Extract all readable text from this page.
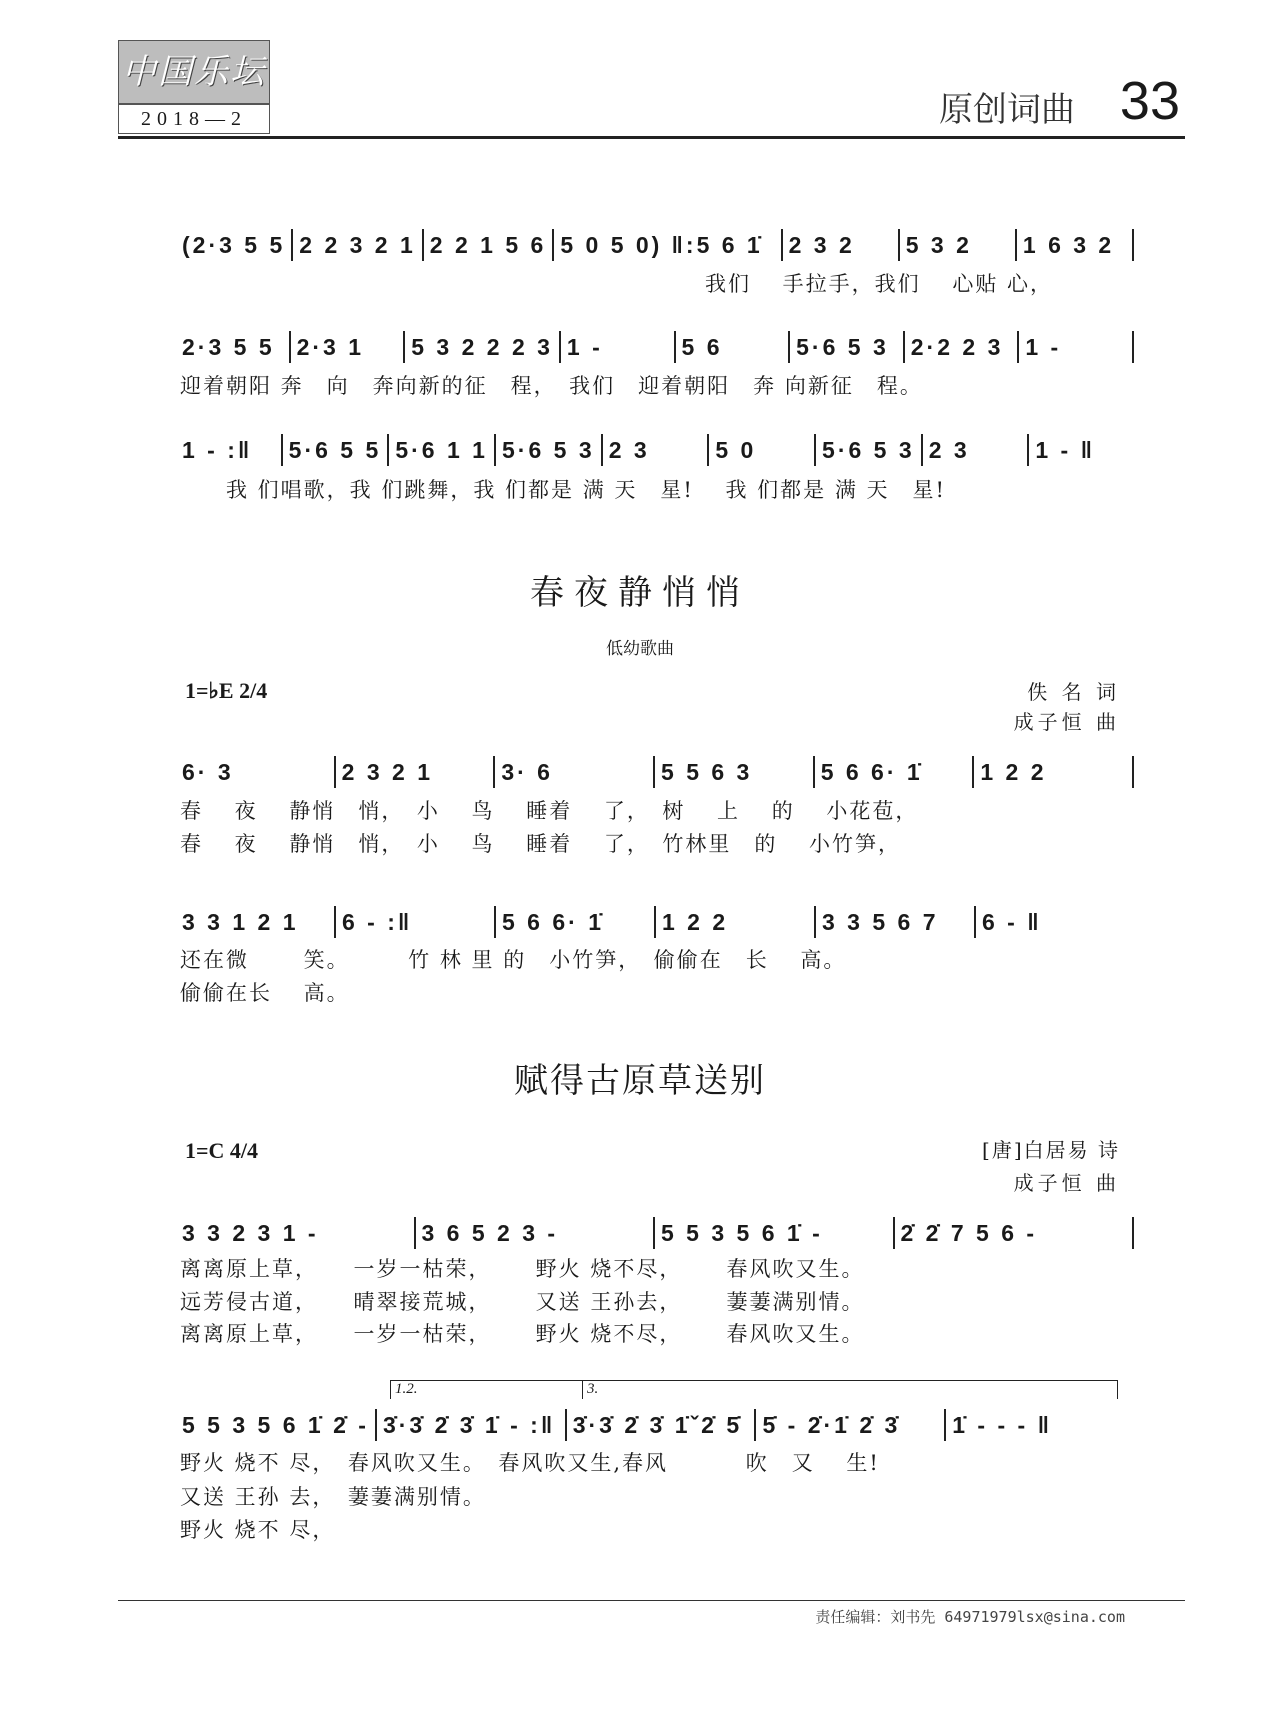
中国乐坛
2018—2	原创词曲 33
(2·3 5 5 2 2 3 2 1 2 2 1 5 6 5 0 5 0) ‖:5 6 1̇	2 3 2	5 3 2	1 6 3 2
我们　 手拉手，我们　 心贴 心，
2·3 5 5 2·3 1	5 3 2 2 2 3 1 -	5 6	5·6 5 3 2·2 2 3 1 -
迎着朝阳 奔　向　奔向新的征　程，　我们　迎着朝阳　奔 向新征　程。
1 - :‖	5·6 5 5 5·6 1 1 5·6 5 3 2 3	5 0	5·6 5 3 2 3	1 - ‖
　　我 们唱歌，我 们跳舞，我 们都是 满 天　星!　 我 们都是 满 天　星!
春夜静悄悄
低幼歌曲
1=♭E 2/4	佚 名 词
成子恒 曲
6· 3	2 3 2 1	3· 6	5 5 6 3	5 6 6· 1̇	1 2 2
春　 夜　 静悄　悄，　小　 鸟　 睡着　 了，　树　 上　 的　 小花苞，
春　 夜　 静悄　悄，　小　 鸟　 睡着　 了，　竹林里　的　 小竹笋，
3 3 1 2 1	6 - :‖	5 6 6· 1̇	1 2 2	3 3 5 6 7	6 - ‖
还在微　　 笑。　　　竹 林 里 的　小竹笋，　偷偷在　长　 高。
偷偷在长　 高。
赋得古原草送别
1=C 4/4	[唐]白居易 诗
成子恒 曲
3 3 2 3 1 -	3 6 5 2 3 -	5 5 3 5 6 1̇ -	2̇ 2̇ 7 5 6 -
离离原上草，　　一岁一枯荣，　　 野火 烧不尽，　　 春风吹又生。
远芳侵古道，　　晴翠接荒城，　　 又送 王孙去，　　 萋萋满别情。
离离原上草，　　一岁一枯荣，　　 野火 烧不尽，　　 春风吹又生。
5 5 3 5 6 1̇ 2̇ - 3̇·3̇ 2̇ 3̇ 1̇ - :‖ 3̇·3̇ 2̇ 3̇ 1̇ˇ2̇ 5̇ 5̇ - 2̇·1̇ 2̇ 3̇	1̇ - - - ‖
1.2.	3.
野火 烧不 尽，　春风吹又生。　春风吹又生,春风　　　 吹　又　 生!
又送 王孙 去，　萋萋满别情。
野火 烧不 尽，
责任编辑：刘书先 64971979lsx@sina.com
